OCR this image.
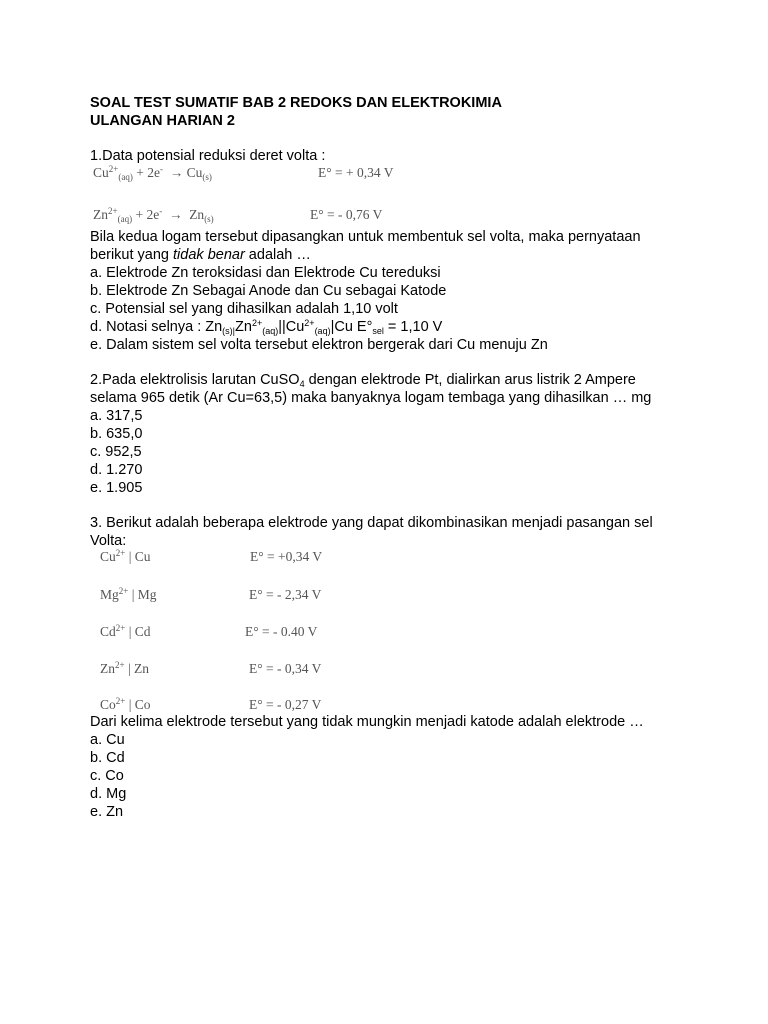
SOAL TEST SUMATIF BAB 2 REDOKS DAN ELEKTROKIMIA
ULANGAN HARIAN 2
1.Data potensial reduksi deret volta :
$Cu^{2+}_{(aq)} + 2e^- \to Cu_{(s)}$	E° = + 0,34 V
$Zn^{2+}_{(aq)} + 2e^- \to Zn_{(s)}$	E° = - 0,76 V
Bila kedua logam tersebut dipasangkan untuk membentuk sel volta, maka pernyataan
berikut yang tidak benar adalah …
a. Elektrode Zn teroksidasi dan Elektrode Cu tereduksi
b. Elektrode Zn Sebagai Anode dan Cu sebagai Katode
c. Potensial sel yang dihasilkan adalah 1,10 volt
d. Notasi selnya : $Zn_{(s)|}Zn^{2+}_{(aq)}||Cu^{2+}_{(aq)}|Cu$ $E^\circ_{sel} = 1,10$ V
e. Dalam sistem sel volta tersebut elektron bergerak dari Cu menuju Zn
2.Pada elektrolisis larutan CuSO$_4$ dengan elektrode Pt, dialirkan arus listrik 2 Ampere
selama 965 detik (Ar Cu=63,5) maka banyaknya logam tembaga yang dihasilkan … mg
a. 317,5
b. 635,0
c. 952,5
d. 1.270
e. 1.905
3. Berikut adalah beberapa elektrode yang dapat dikombinasikan menjadi pasangan sel
Volta:
$Cu^{2+}$ | Cu	E° = +0,34 V
$Mg^{2+}$ | Mg	E° = - 2,34 V
$Cd^{2+}$ | Cd	E° = - 0.40 V
$Zn^{2+}$ | Zn	E° = - 0,34 V
$Co^{2+}$ | Co	E° = - 0,27 V
Dari kelima elektrode tersebut yang tidak mungkin menjadi katode adalah elektrode …
a. Cu
b. Cd
c. Co
d. Mg
e. Zn
